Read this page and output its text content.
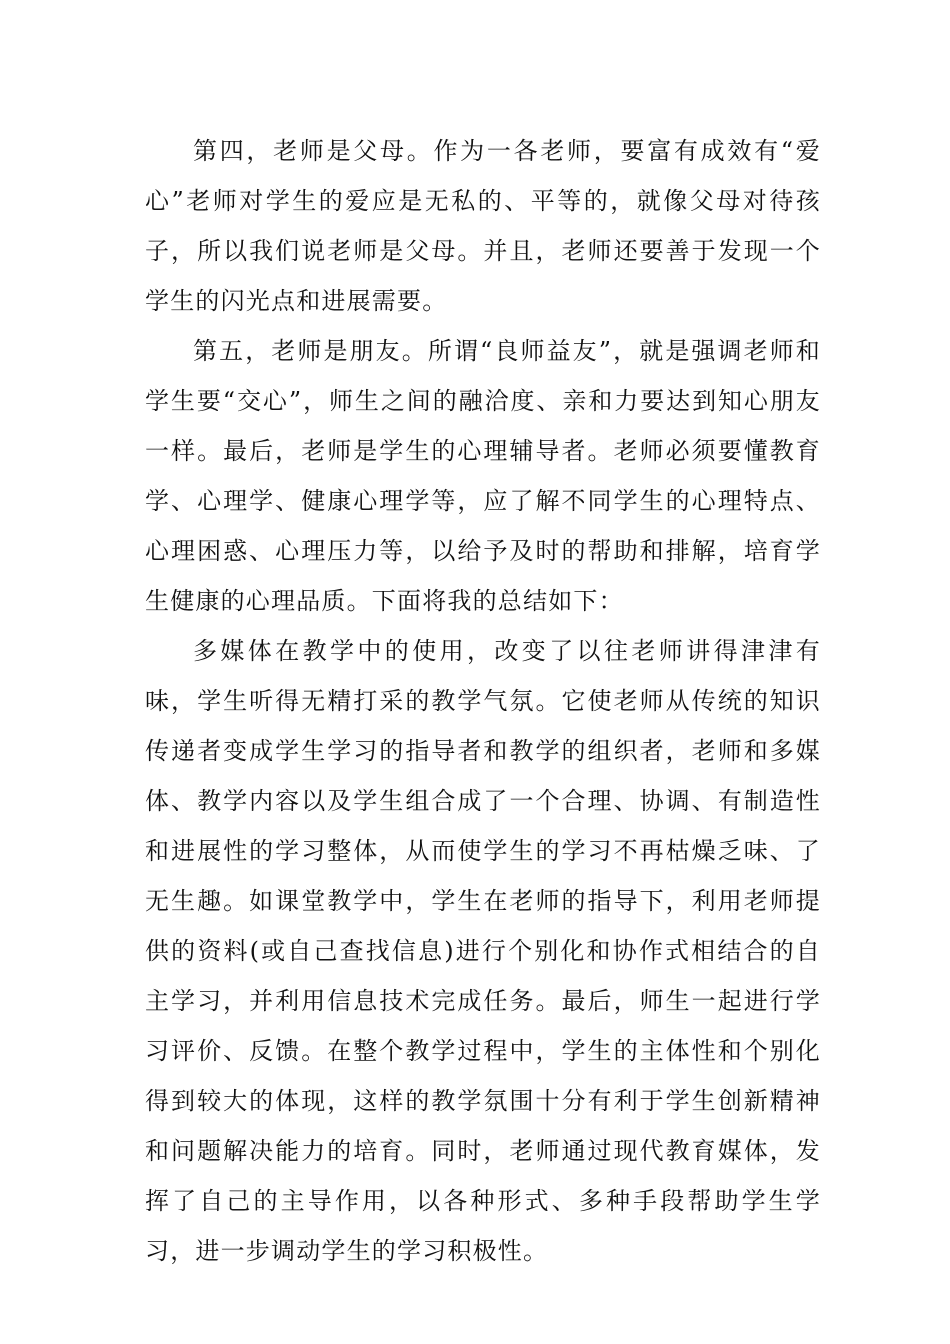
第四，老师是父母。作为一各老师，要富有成效有“爱心”老师对学生的爱应是无私的、平等的，就像父母对待孩子，所以我们说老师是父母。并且，老师还要善于发现一个学生的闪光点和进展需要。

第五，老师是朋友。所谓“良师益友”，就是强调老师和学生要“交心”，师生之间的融洽度、亲和力要达到知心朋友一样。最后，老师是学生的心理辅导者。老师必须要懂教育学、心理学、健康心理学等，应了解不同学生的心理特点、心理困惑、心理压力等，以给予及时的帮助和排解，培育学生健康的心理品质。下面将我的总结如下：

多媒体在教学中的使用，改变了以往老师讲得津津有味，学生听得无精打采的教学气氛。它使老师从传统的知识传递者变成学生学习的指导者和教学的组织者，老师和多媒体、教学内容以及学生组合成了一个合理、协调、有制造性和进展性的学习整体，从而使学生的学习不再枯燥乏味、了无生趣。如课堂教学中，学生在老师的指导下，利用老师提供的资料(或自己查找信息)进行个别化和协作式相结合的自主学习，并利用信息技术完成任务。最后，师生一起进行学习评价、反馈。在整个教学过程中，学生的主体性和个别化得到较大的体现，这样的教学氛围十分有利于学生创新精神和问题解决能力的培育。同时，老师通过现代教育媒体，发挥了自己的主导作用，以各种形式、多种手段帮助学生学习，进一步调动学生的学习积极性。
